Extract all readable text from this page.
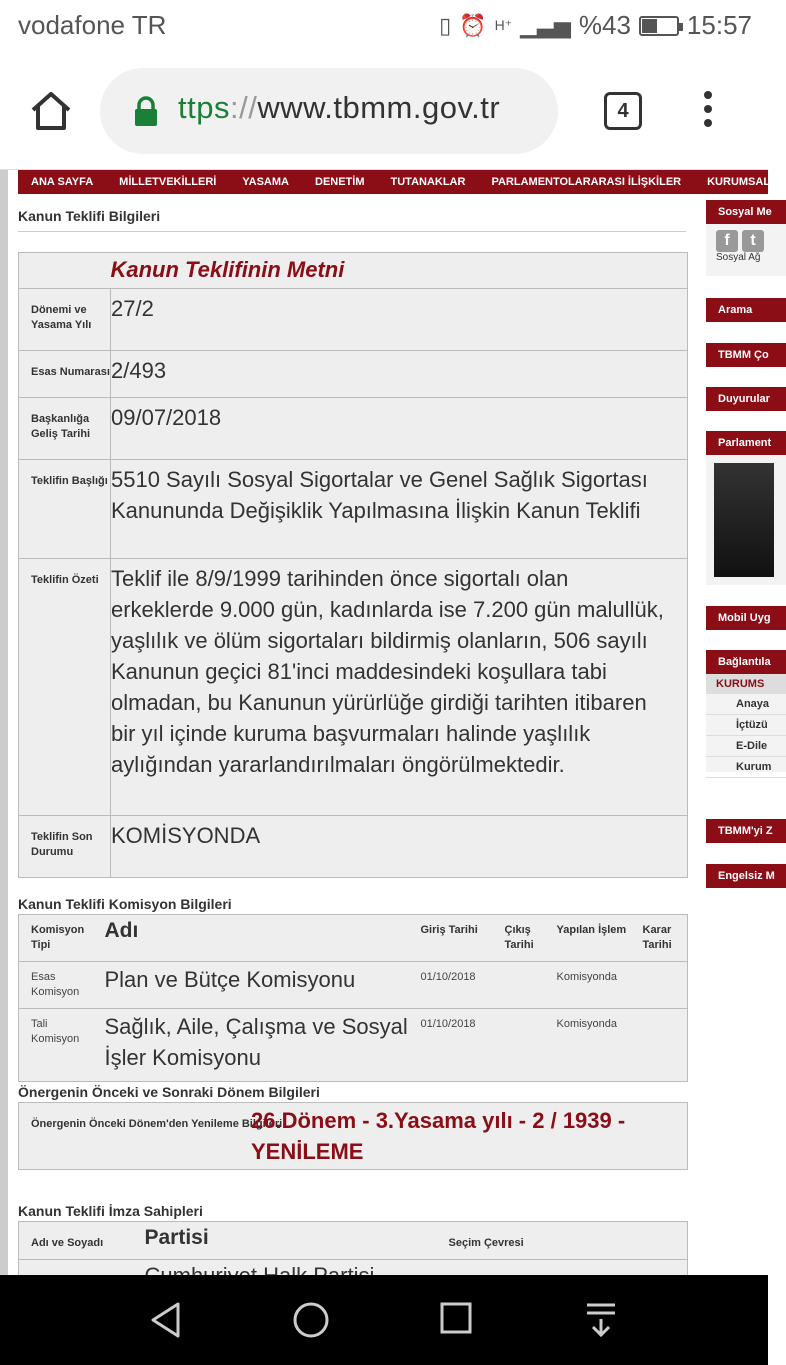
vodafone TR	▯ ⏰ H⁺ ▁▃▅ %43 15:57
ttps://www.tbmm.gov.tr	4
ANA SAYFA	MİLLETVEKİLLERİ	YASAMA	DENETİM	TUTANAKLAR	PARLAMENTOLARARASI İLİŞKİLER	KURUMSAL
Kanun Teklifi Bilgileri
	Kanun Teklifinin Metni
Dönemi ve Yasama Yılı	27/2
Esas Numarası	2/493
Başkanlığa Geliş Tarihi	09/07/2018
Teklifin Başlığı	5510 Sayılı Sosyal Sigortalar ve Genel Sağlık Sigortası Kanununda Değişiklik Yapılmasına İlişkin Kanun Teklifi
Teklifin Özeti	Teklif ile 8/9/1999 tarihinden önce sigortalı olan erkeklerde 9.000 gün, kadınlarda ise 7.200 gün malullük, yaşlılık ve ölüm sigortaları bildirmiş olanların, 506 sayılı Kanunun geçici 81'inci maddesindeki koşullara tabi olmadan, bu Kanunun yürürlüğe girdiği tarihten itibaren bir yıl içinde kuruma başvurmaları halinde yaşlılık aylığından yararlandırılmaları öngörülmektedir.
Teklifin Son Durumu	KOMİSYONDA
Kanun Teklifi Komisyon Bilgileri
Komisyon Tipi	Adı	Giriş Tarihi	Çıkış Tarihi	Yapılan İşlem	Karar Tarihi
Esas Komisyon	Plan ve Bütçe Komisyonu	01/10/2018		Komisyonda	
Tali Komisyon	Sağlık, Aile, Çalışma ve Sosyal İşler Komisyonu	01/10/2018		Komisyonda	
Önergenin Önceki ve Sonraki Dönem Bilgileri
Önergenin Önceki Dönem'den Yenileme Bilgileri
26.Dönem - 3.Yasama yılı - 2 / 1939 - YENİLEME
Kanun Teklifi İmza Sahipleri
Adı ve Soyadı	Partisi	Seçim Çevresi

Sosyal Me
f t
Sosyal Ağ
Arama
TBMM Ço
Duyurular
Parlament
Mobil Uyg
Bağlantıla
KURUMS
Anaya
İçtüzü
E-Dile
Kurum
TBMM'yi Z
Engelsiz M
